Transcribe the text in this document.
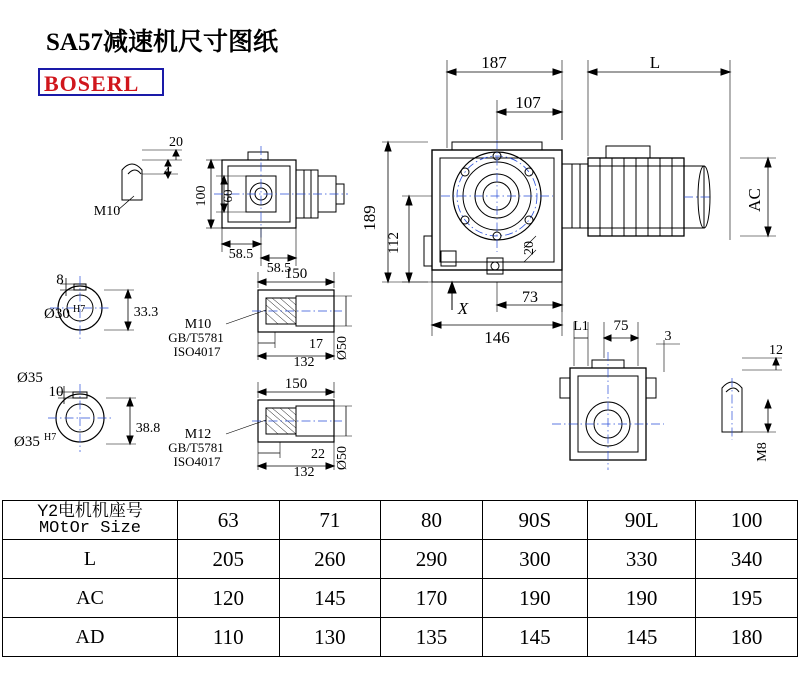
SA57减速机尺寸图纸
BOSERL
187	L
107
189
112
AC
146
73
X
20
20
4
M10
100 60
58.5
58.5
8
Ø30 H7	33.3
Ø35
10
Ø35 H7
38.8
150
17
132
Ø50
M10
GB/T5781
ISO4017
150
22
132
Ø50
M12
GB/T5781
ISO4017
L1 75
3
12
M8
Y2电机机座号
MOtOr Size	63	71	80	90S	90L	100
L	205	260	290	300	330	340
AC	120	145	170	190	190	195
AD	110	130	135	145	145	180
